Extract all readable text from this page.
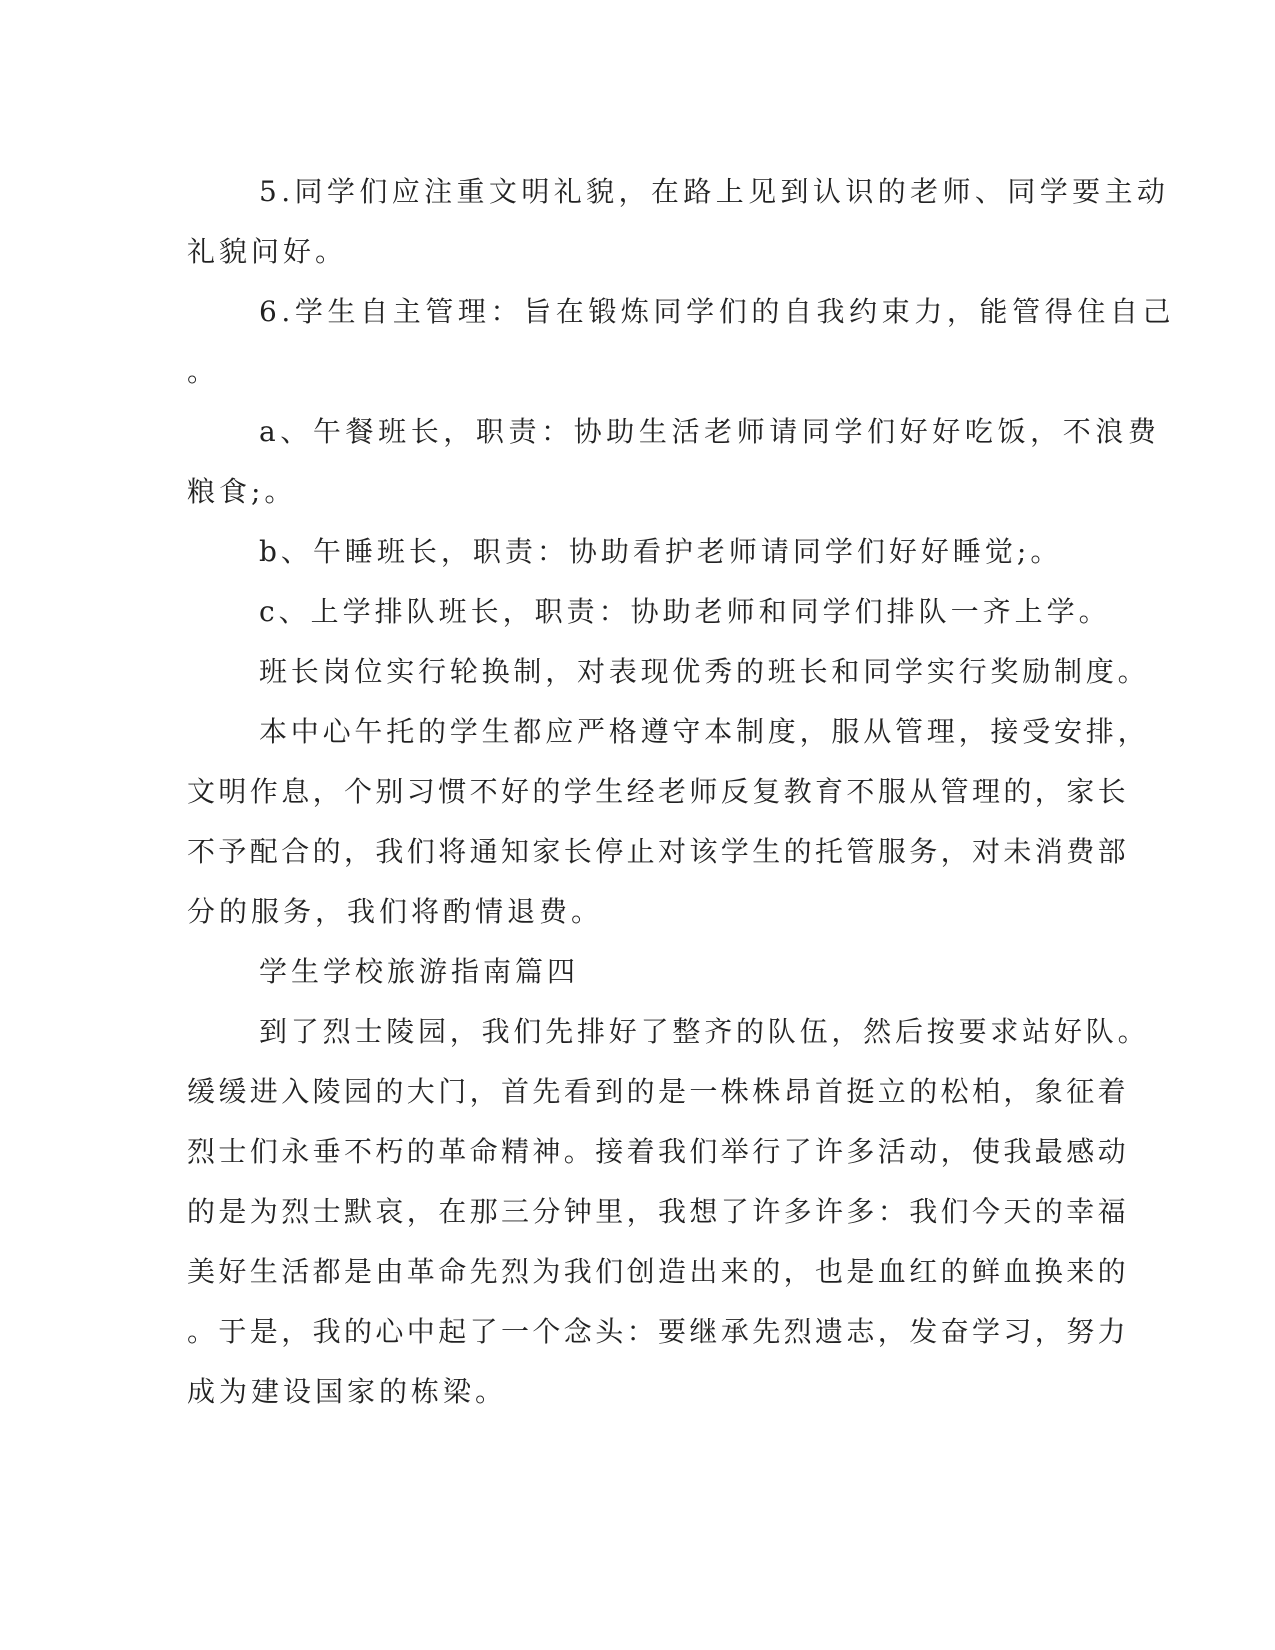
5.同学们应注重文明礼貌，在路上见到认识的老师、同学要主动
礼貌问好。

6.学生自主管理：旨在锻炼同学们的自我约束力，能管得住自己
。

a、午餐班长，职责：协助生活老师请同学们好好吃饭，不浪费
粮食;。

b、午睡班长，职责：协助看护老师请同学们好好睡觉;。

c、上学排队班长，职责：协助老师和同学们排队一齐上学。

班长岗位实行轮换制，对表现优秀的班长和同学实行奖励制度。

本中心午托的学生都应严格遵守本制度，服从管理，接受安排，
文明作息，个别习惯不好的学生经老师反复教育不服从管理的，家长
不予配合的，我们将通知家长停止对该学生的托管服务，对未消费部
分的服务，我们将酌情退费。

学生学校旅游指南篇四

到了烈士陵园，我们先排好了整齐的队伍，然后按要求站好队。
缓缓进入陵园的大门，首先看到的是一株株昂首挺立的松柏，象征着
烈士们永垂不朽的革命精神。接着我们举行了许多活动，使我最感动
的是为烈士默哀，在那三分钟里，我想了许多许多：我们今天的幸福
美好生活都是由革命先烈为我们创造出来的，也是血红的鲜血换来的
。于是，我的心中起了一个念头：要继承先烈遗志，发奋学习，努力
成为建设国家的栋梁。
